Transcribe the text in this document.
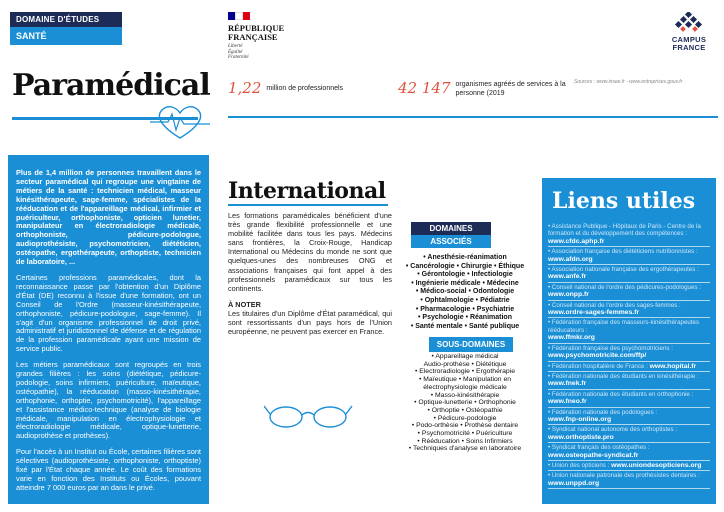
DOMAINE D'ÉTUDES
SANTÉ
RÉPUBLIQUE
FRANÇAISE
Liberté
Égalité
Fraternité
CAMPUS
FRANCE
Paramédical 1,22 million de professionnels	42 147 organismes agréés de services à la personne (2019
Sources : www.insee.fr - www.entreprises.gouv.fr

Plus de 1,4 million de personnes travaillent dans le secteur paramédical qui regroupe une vingtaine de métiers de la santé : technicien médical, masseur kinésithérapeute, sage-femme, spécialistes de la rééducation et de l'appareillage médical, infirmier et puériculteur, orthophoniste, opticien lunetier, manipulateur en électroradiologie médicale, orthophoniste, pédicure-podologue, audioprothésiste, psychomotricien, diététicien, ostéopathe, ergothérapeute, orthoptiste, technicien de laboratoire, ...

Certaines professions paramédicales, dont la reconnaissance passe par l'obtention d'un Diplôme d'État (DE) reconnu à l'issue d'une formation, ont un Conseil de l'Ordre (masseur-kinésithérapeute, orthophoniste, pédicure-podologue, sage-femme). Il s'agit d'un organisme professionnel de droit privé, administratif et juridictionnel de défense et de régulation de la profession paramédicale ayant une mission de service public.

Les métiers paramédicaux sont regroupés en trois grandes filières : les soins (diététique, pédicure-podologie, soins infirmiers, puériculture, maïeutique, ostéopathie), la rééducation (masso-kinésithérapie, orthophonie, orthoptie, psychomotricité), l'appareillage et l'assistance médico-technique (analyse de biologie médicale, manipulation en électrophysiologie et électroradiologie médicale, optique-lunetterie, audioprothèse et prothèses).

Pour l'accès à un Institut ou École, certaines filières sont sélectives (audioprothésiste, orthophoniste, orthoptiste) fixé par l'État chaque année. Le coût des formations varie en fonction des Instituts ou Écoles, pouvant atteindre 7 000 euros par an dans le privé.

International

Les formations paramédicales bénéficient d'une très grande flexibilité professionnelle et une mobilité facilitée dans tous les pays. Médecins sans frontières, la Croix-Rouge, Handicap International ou Médecins du monde ne sont que quelques-unes des nombreuses ONG et associations françaises qui font appel à des professionnels paramédicaux sur tous les continents.

À NOTER

Les titulaires d'un Diplôme d'État paramédical, qui sont ressortissants d'un pays hors de l'Union européenne, ne peuvent pas exercer en France.

DOMAINES
ASSOCIÉS
• Anesthésie-réanimation
• Cancérologie • Chirurgie • Éthique
• Gérontologie • Infectiologie
• Ingénierie médicale • Médecine
• Médico-social • Odontologie
• Ophtalmologie • Pédiatrie
• Pharmacologie • Psychiatrie
• Psychologie • Réanimation
• Santé mentale • Santé publique
SOUS-DOMAINES
• Appareillage médical
Audio-prothèse • Diététique
• Electroradiologie • Ergothérapie
• Maïeutique • Manipulation en
électrophysiologie médicale
• Masso-kinésithérapie
• Optique-lunetterie • Orthophonie
• Orthoptie • Ostéopathie
• Pédicure-podologie
• Podo-orthèsie • Prothèse dentaire
• Psychomotricité • Puériculture
• Rééducation • Soins Infirmiers
• Techniques d'analyse en laboratoire
Liens utiles
• Assistance Publique - Hôpitaux de Paris - Centre de la formation et du développement des compétences :
www.cfdc.aphp.fr
• Association française des diététiciens nutritionnistes :
www.afdn.org
• Association nationale française des ergothérapeutes :
www.anfe.fr
• Conseil national de l'ordre des pédicures-podologues :
www.onpp.fr
• Conseil national de l'ordre des sages-femmes :
www.ordre-sages-femmes.fr
• Fédération française des masseurs-kinésithérapeutes rééducateurs :
www.ffmkr.org
• Fédération française des psychomotriciens :
www.psychomotricite.com/ffp/
• Fédération hospitalière de France : www.hopital.fr
• Fédération nationale des étudiants en kinésithérapie :
www.fnek.fr
• Fédération nationale des étudiants en orthophonie :
www.fneo.fr
• Fédération nationale des podologues :
www.fnp-online.org
• Syndicat national autonome des orthoptistes :
www.orthoptiste.pro
• Syndicat français des ostéopathes :
www.osteopathe-syndicat.fr
• Union des opticiens : www.uniondesopticiens.org
• Union nationale patronale des prothésistes dentaires :
www.unppd.org
